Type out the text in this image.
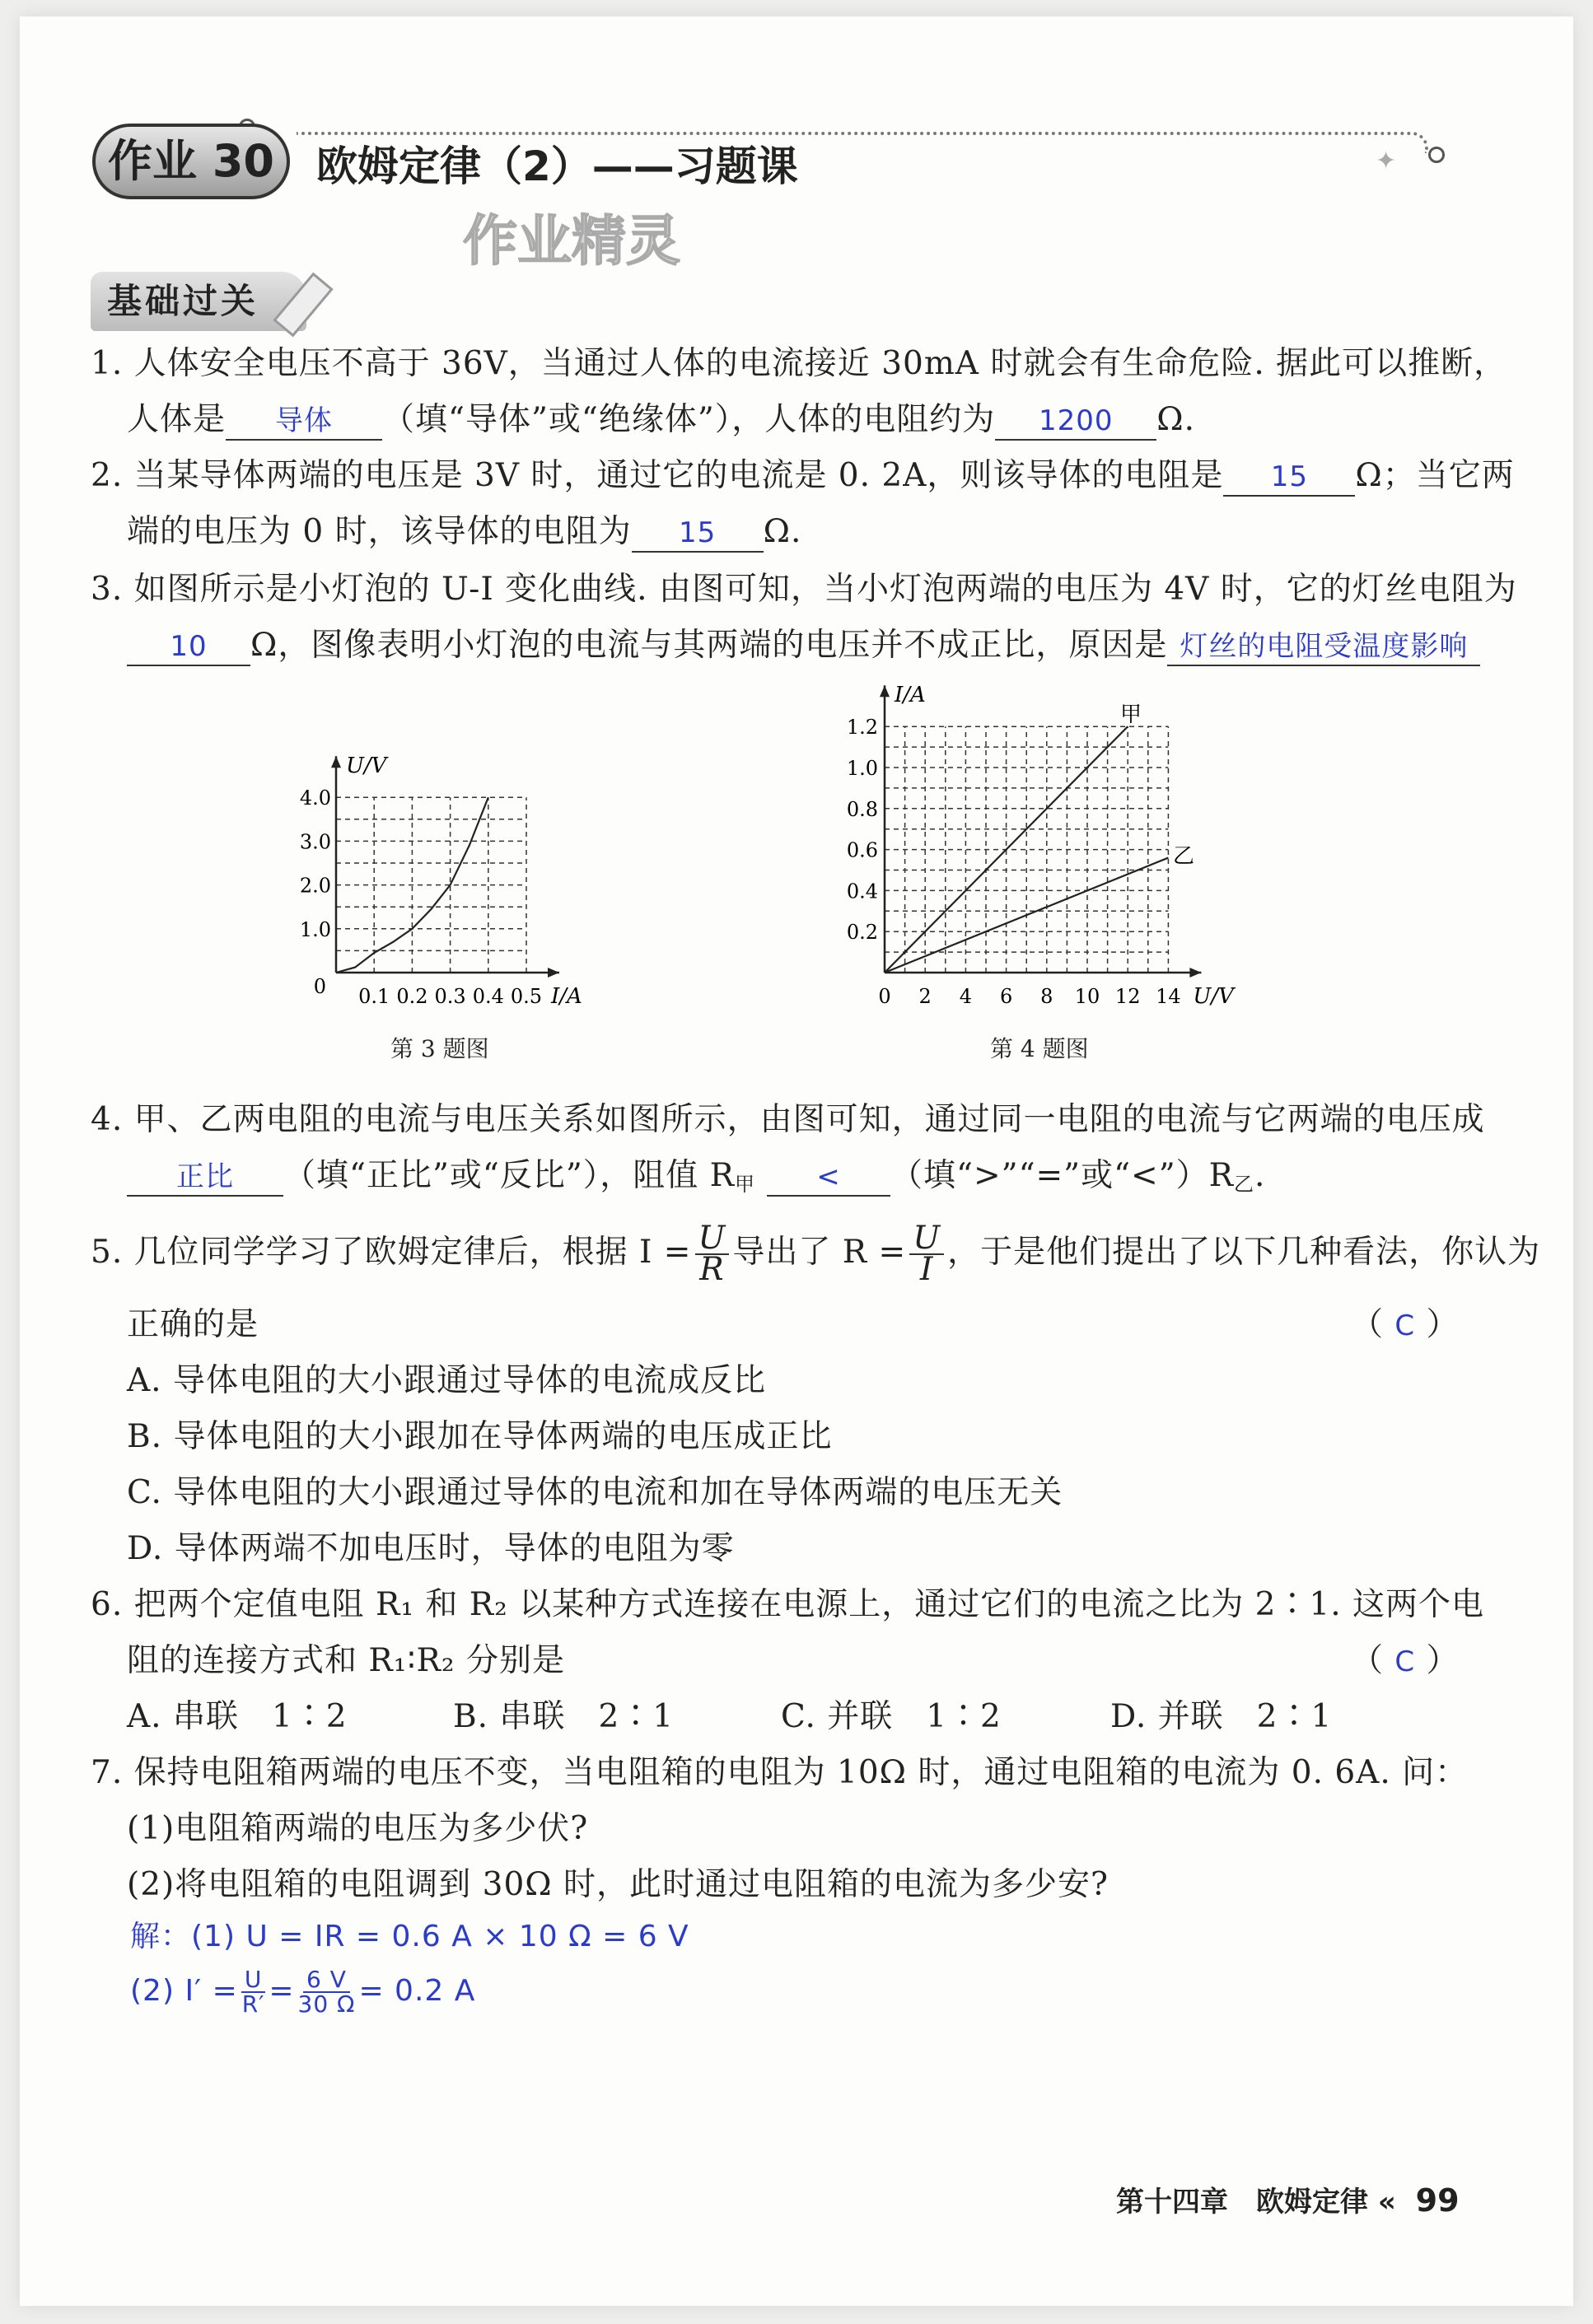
✦
作业 30	欧姆定律（2）——习题课
作业精灵
基础过关
1. 人体安全电压不高于 36V，当通过人体的电流接近 30mA 时就会有生命危险. 据此可以推断，
人体是 导体 （填“导体”或“绝缘体”），人体的电阻约为 1200 Ω.
2. 当某导体两端的电压是 3V 时，通过它的电流是 0. 2A，则该导体的电阻是 15 Ω；当它两
端的电压为 0 时，该导体的电阻为 15 Ω.
3. 如图所示是小灯泡的 U-I 变化曲线. 由图可知，当小灯泡两端的电压为 4V 时，它的灯丝电阻为
10 Ω，图像表明小灯泡的电流与其两端的电压并不成正比，原因是 灯丝的电阻受温度影响
I/A
U/V
0.1 0.2 0.3 0.4 0.5
1.0
2.0
3.0
4.0
0	U/V
I/A
0 2 4 6 8 10 12 14
0.2
0.4
0.6
0.8
1.0
1.2
甲
乙
第 3 题图	第 4 题图
4. 甲、乙两电阻的电流与电压关系如图所示，由图可知，通过同一电阻的电流与它两端的电压成
正比 （填“正比”或“反比”），阻值 $R_甲$ < （填“>”“=”或“$<”)R_乙$.
5. 几位同学学习了欧姆定律后，根据 $I = \frac{U}{R}$ 导出了 $R = \frac{U}{I}$ ，于是他们提出了以下几种看法，你认为
正确的是	（ C ）
A. 导体电阻的大小跟通过导体的电流成反比
B. 导体电阻的大小跟加在导体两端的电压成正比
C. 导体电阻的大小跟通过导体的电流和加在导体两端的电压无关
D. 导体两端不加电压时，导体的电阻为零
6. 把两个定值电阻 R₁ 和 R₂ 以某种方式连接在电源上，通过它们的电流之比为 2∶1. 这两个电
阻的连接方式和 R₁∶R₂ 分别是	（ C ）
A. 串联　1∶2	B. 串联　2∶1	C. 并联　1∶2	D. 并联　2∶1
7. 保持电阻箱两端的电压不变，当电阻箱的电阻为 10Ω 时，通过电阻箱的电流为 0. 6A. 问：
(1)电阻箱两端的电压为多少伏?
(2)将电阻箱的电阻调到 30Ω 时，此时通过电阻箱的电流为多少安?
解：(1) U = IR = 0.6 A × 10 Ω = 6 V
(2) $I' = \frac{U}{R'} = \frac{6 V}{30 \Omega} = 0.2$ A
第十四章　欧姆定律 « 99
